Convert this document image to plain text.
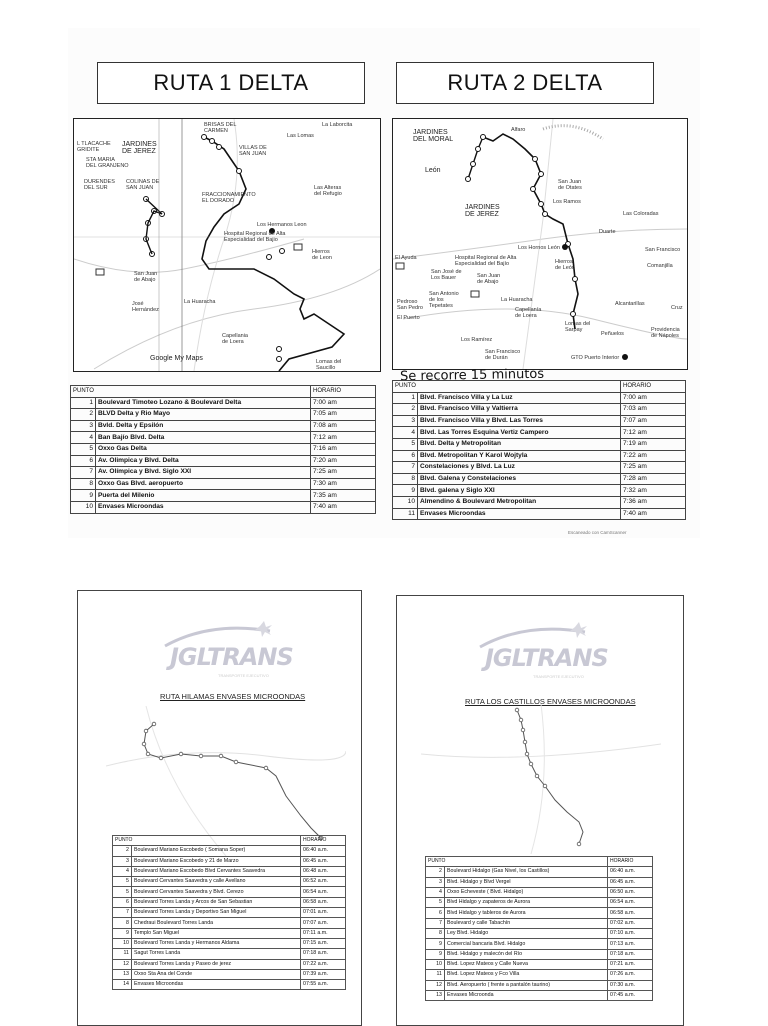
RUTA 1 DELTA	RUTA 2 DELTA
JARDINES
DE JEREZ
BRISAS DEL
CARMEN
VILLAS DE
SAN JUAN
Las Lomas
La Laborcita
L TLACACHE
GRIDITE
STA MARIA
DEL GRANJENO
DURENDES
DEL SUR
Los Hermanos Leon
Hospital Regional de Alta
Especialidad del Bajio
Las Alteras
del Refugio
Hierros
de Leon
San Juan
de Abajo
La Huaracha
José
Hernández
Capellania
de Loera
Lomas del
Saucillo
Google My Maps
FRACCIONAMIENTO
EL DORADO
COLINAS DE
SAN JUAN
JARDINES
DEL MORAL
León
Alfaro
San Juan
de Otates
Los Ramos
JARDINES
DE JEREZ	Las Coloradas
Duarte
Los Hornos León
Hospital Regional de Alta
Especialidad del Bajío	Hierros
de León
San Francisco
Comanjilla
San José de
Los Bauer	San Juan
de Abajo
La Huaracha
Capellanía
de Loera
Lomas del
Sarpay
Peñuelos
Alcantarillas
San Antonio
de los
Tepetates
Pedroso
San Pedro
El Puerto
Los Ramírez
San Francisco
de Durán	GTO Puerto Interior
Providencia
de Nápoles
El Ayuda
Cruz
Se recorre 15 minutos
PUNTO		HORARIO
1	Boulevard Timoteo Lozano & Boulevard Delta	7:00 am
2	BLVD Delta y Rio Mayo	7:05 am
3	Bvld. Delta y Epsilón	7:08 am
4	Ban Bajío Blvd. Delta	7:12 am
5	Oxxo Gas Delta	7:16 am
6	Av. Olimpica y Blvd. Delta	7:20 am
7	Av. Olímpica y Blvd. Siglo XXI	7:25 am
8	Oxxo Gas Blvd. aeropuerto	7:30 am
9	Puerta del Milenio	7:35 am
10	Envases Microondas	7:40 am
PUNTO		HORARIO
1	Blvd. Francisco Villa y La Luz	7:00 am
2	Blvd. Francisco Villa y Valtierra	7:03 am
3	Blvd. Francisco Villa y Blvd. Las Torres	7:07 am
4	Blvd. Las Torres Esquina Vertiz Campero	7:12 am
5	Blvd. Delta y Metropolitan	7:19 am
6	Blvd. Metropolitan Y Karol Wojtyla	7:22 am
7	Constelaciones y Blvd. La Luz	7:25 am
8	Blvd. Galena y Constelaciones	7:28 am
9	Blvd. galena y Siglo XXI	7:32 am
10	Almendino & Boulevard Metropolitan	7:36 am
11	Envases Microondas	7:40 am
Escaneado con CamScanner
JGLTRANS
TRANSPORTE EJECUTIVO
RUTA HILAMAS ENVASES MICROONDAS
PUNTO		HORARIO
2	Boulevard Mariano Escobedo ( Somana Soper)	06:40 a.m.
3	Boulevard Mariano Escobedo y 21 de Marzo	06:45 a.m.
4	Boulevard Mariano Escobedo Blvd Cervantes Saavedra	06:48 a.m.
5	Boulevard Cervantes Saavedra y calle Avellano	06:52 a.m.
5	Boulevard Cervantes Saavedra y Blvd. Cerezo	06:54 a.m.
6	Boulevard Torres Landa y Arcos de San Sebastian	06:58 a.m.
7	Boulevard Torres Landa y Deportivo San Miguel	07:01 a.m.
8	Chedraui Boulevard Torres Landa	07:07 a.m.
9	Templo San Miguel	07:11 a.m.
10	Boulevard Torres Landa y Hermanos Aldama	07:15 a.m.
11	Sagut Torres Landa	07:18 a.m.
12	Boulevard Torres Landa y Paseo de jerez	07:22 a.m.
13	Oxxo Sta Ana del Conde	07:39 a.m.
14	Envases Microondas	07:55 a.m.
JGLTRANS
TRANSPORTE EJECUTIVO
RUTA LOS CASTILLOS ENVASES MICROONDAS
PUNTO		HORARIO
2	Boulevard Hidalgo (Gas Nivel, los Castillos)	06:40 a.m.
3	Blvd. Hidalgo y Blvd Vergel	06:45 a.m.
4	Oxxo Echeveste ( Blvd. Hidalgo)	06:50 a.m.
5	Blvd Hidalgo y zapateros de Aurora	06:54 a.m.
6	Blvd Hidalgo y tableros de Aurora	06:58 a.m.
7	Boulevard y calle Tabachín	07:02 a.m.
8	Ley Blvd. Hidalgo	07:10 a.m.
9	Comercial bancaria Blvd. Hidalgo	07:13 a.m.
9	Blvd. Hidalgo y malecón del Río	07:18 a.m.
10	Blvd. Lopez Mateos y Calle Nueva	07:21 a.m.
11	Blvd. Lopez Mateos y Fco Villa	07:26 a.m.
12	Blvd. Aeropuerto ( frente a pantalón taurino)	07:30 a.m.
13	Envases Microonda	07:45 a.m.
